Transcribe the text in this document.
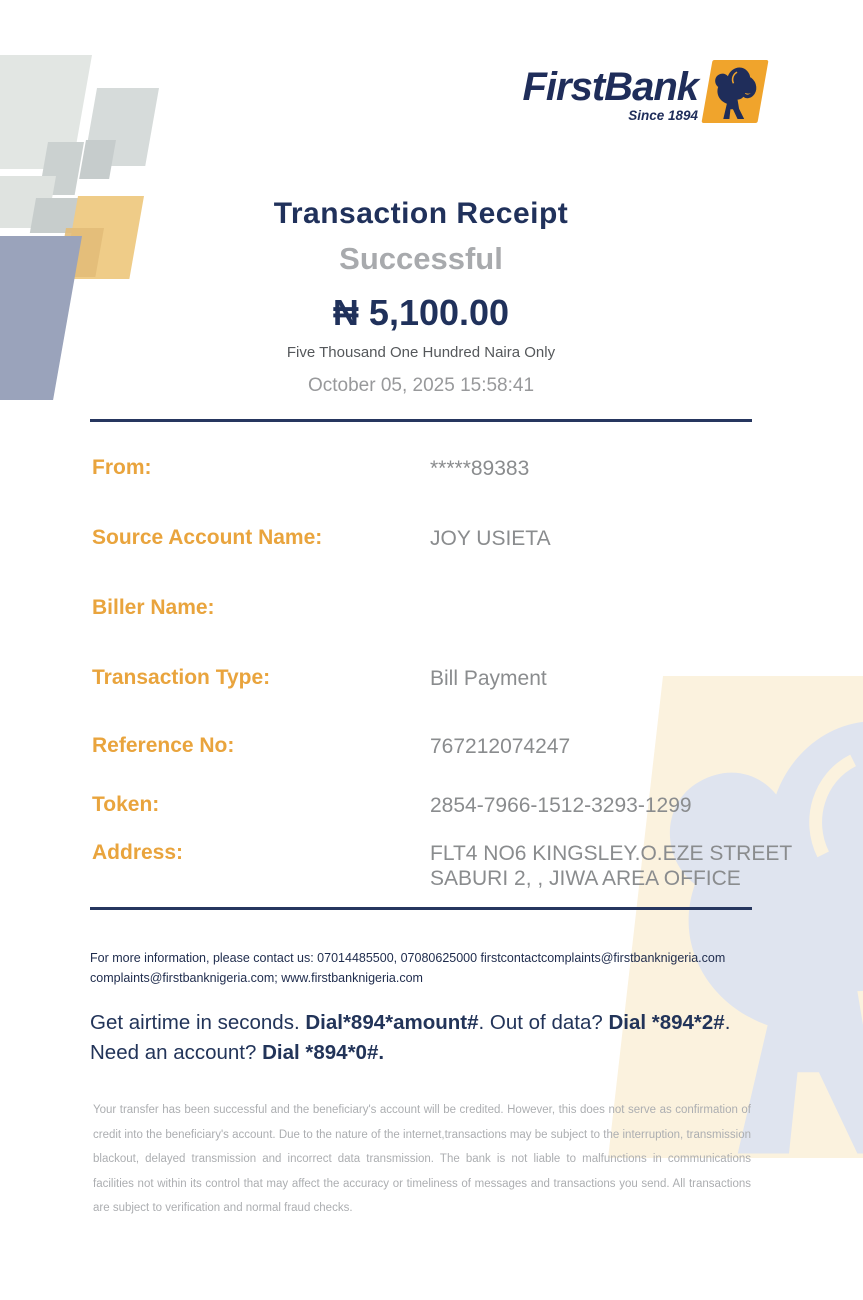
FirstBank
Since 1894
Transaction Receipt
Successful
₦ 5,100.00
Five Thousand One Hundred Naira Only
October 05, 2025 15:58:41
From:	*****89383
Source Account Name:	JOY USIETA
Biller Name:
Transaction Type:	Bill Payment
Reference No:	767212074247
Token:	2854-7966-1512-3293-1299
Address:	FLT4 NO6 KINGSLEY.O.EZE STREET SABURI 2, , JIWA AREA OFFICE
For more information, please contact us: 07014485500, 07080625000 firstcontactcomplaints@firstbanknigeria.com complaints@firstbanknigeria.com; www.firstbanknigeria.com
Get airtime in seconds. Dial*894*amount#. Out of data? Dial *894*2#. Need an account? Dial *894*0#.
Your transfer has been successful and the beneficiary's account will be credited. However, this does not serve as confirmation of credit into the beneficiary's account. Due to the nature of the internet,transactions may be subject to the interruption, transmission blackout, delayed transmission and incorrect data transmission. The bank is not liable to malfunctions in communications facilities not within its control that may affect the accuracy or timeliness of messages and transactions you send. All transactions are subject to verification and normal fraud checks.
